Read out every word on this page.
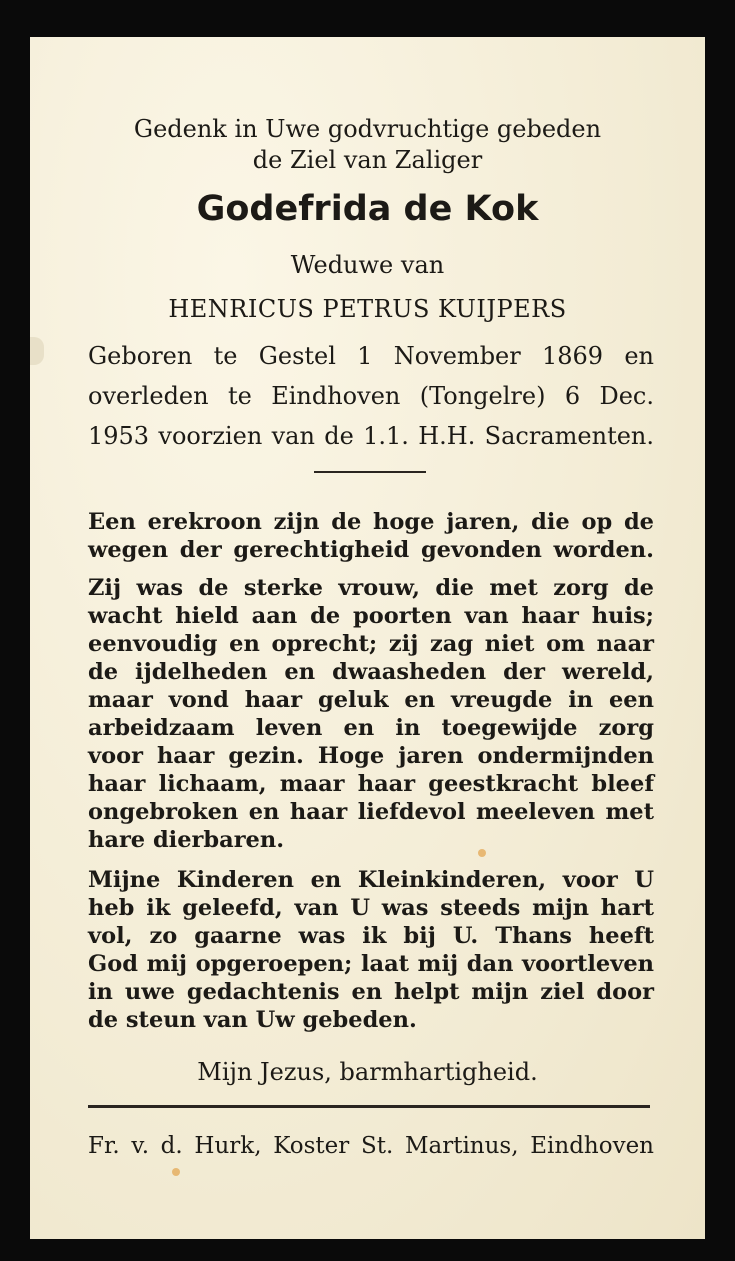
Gedenk in Uwe godvruchtige gebeden
de Ziel van Zaliger
Godefrida de Kok
Weduwe van
HENRICUS PETRUS KUIJPERS
Geboren te Gestel 1 November 1869 en
overleden te Eindhoven (Tongelre) 6 Dec.
1953 voorzien van de 1.1. H.H. Sacramenten.
Een erekroon zijn de hoge jaren, die op de
wegen der gerechtigheid gevonden worden.
Zij was de sterke vrouw, die met zorg de
wacht hield aan de poorten van haar huis;
eenvoudig en oprecht; zij zag niet om naar
de ijdelheden en dwaasheden der wereld,
maar vond haar geluk en vreugde in een
arbeidzaam leven en in toegewijde zorg
voor haar gezin. Hoge jaren ondermijnden
haar lichaam, maar haar geestkracht bleef
ongebroken en haar liefdevol meeleven met
hare dierbaren.
Mijne Kinderen en Kleinkinderen, voor U
heb ik geleefd, van U was steeds mijn hart
vol, zo gaarne was ik bij U. Thans heeft
God mij opgeroepen; laat mij dan voortleven
in uwe gedachtenis en helpt mijn ziel door
de steun van Uw gebeden.
Mijn Jezus, barmhartigheid.
Fr. v. d. Hurk, Koster St. Martinus, Eindhoven
